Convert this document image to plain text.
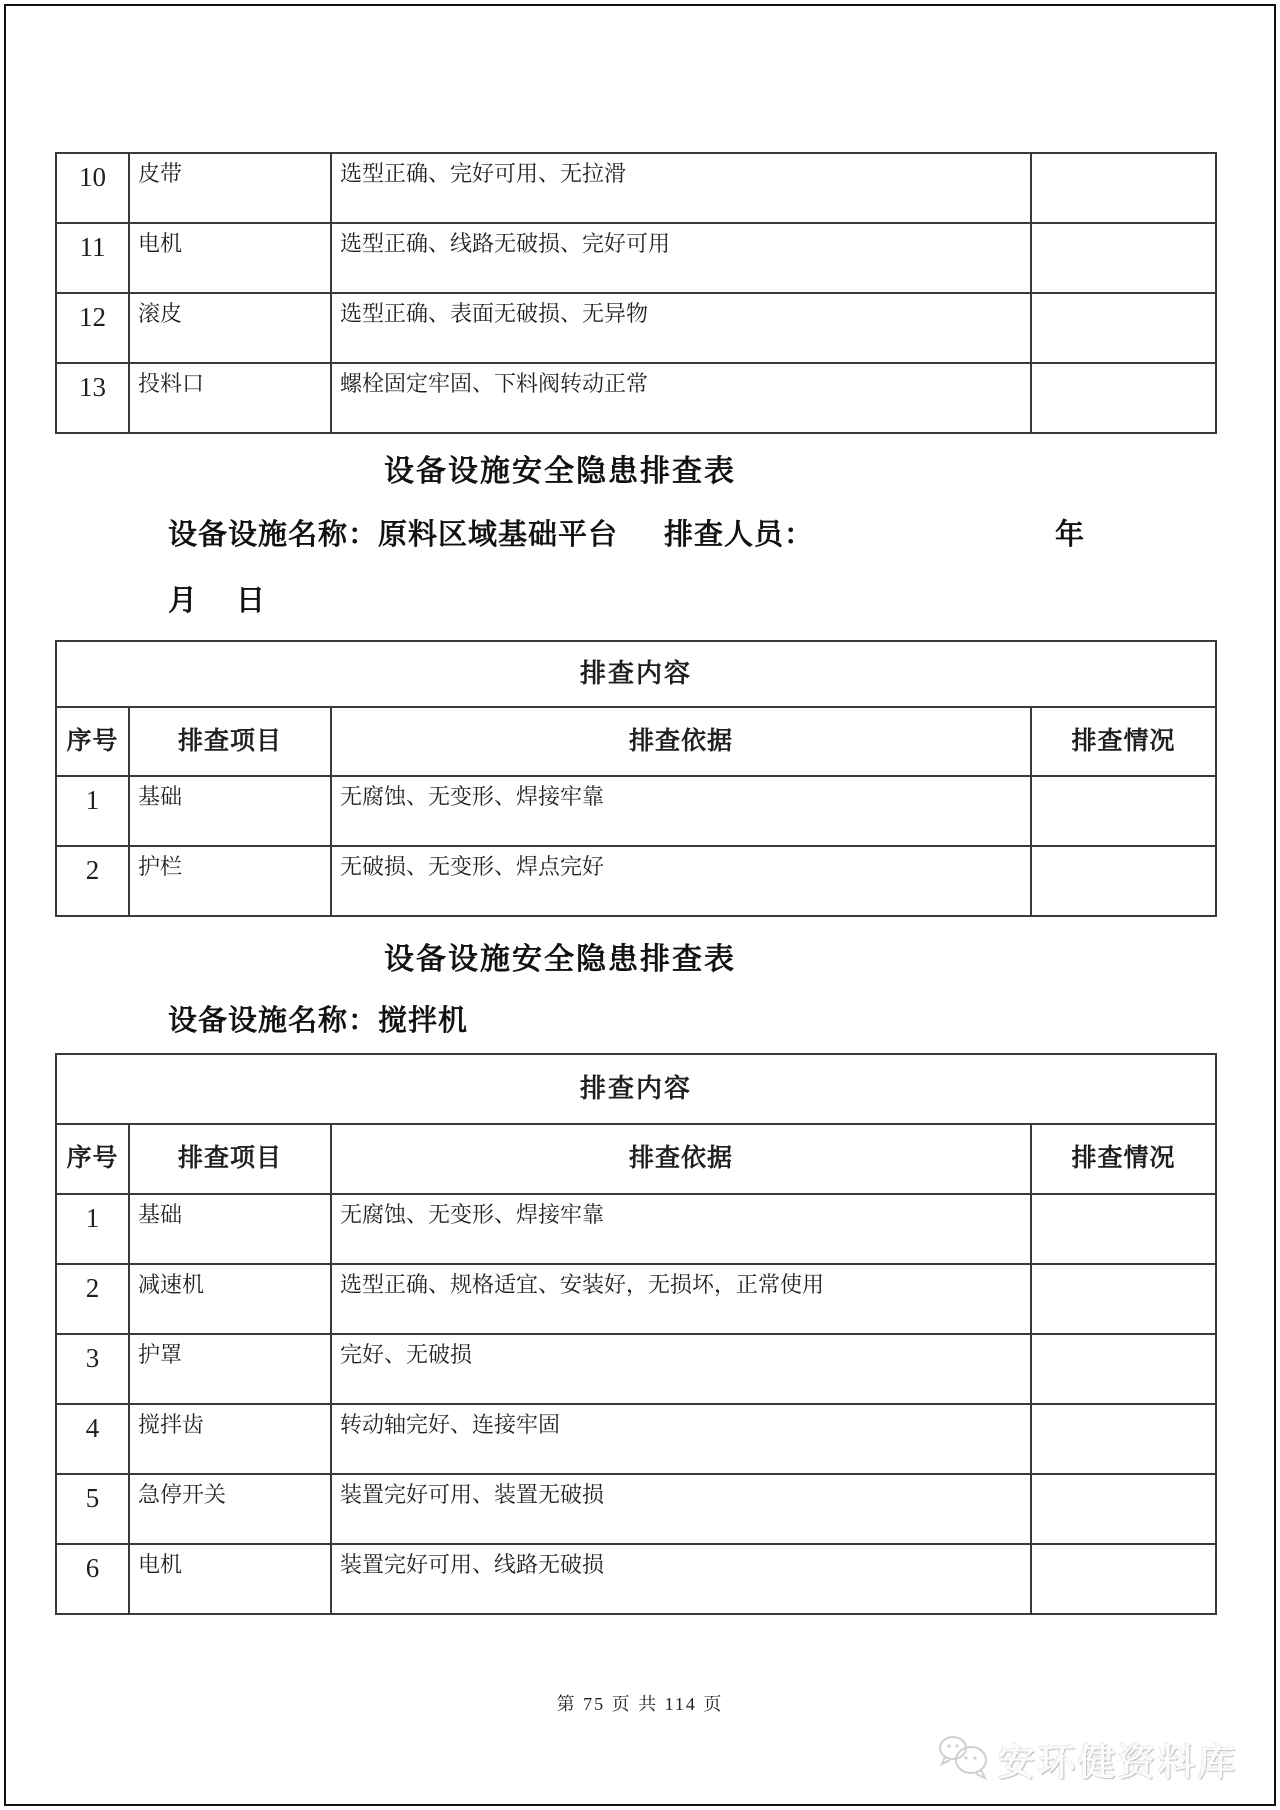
10	皮带	选型正确、完好可用、无拉滑	
11	电机	选型正确、线路无破损、完好可用	
12	滚皮	选型正确、表面无破损、无异物	
13	投料口	螺栓固定牢固、下料阀转动正常	
设备设施安全隐患排查表
设备设施名称：原料区域基础平台 排查人员：	年
月 日
排查内容			
序号	排查项目	排查依据	排查情况
1	基础	无腐蚀、无变形、焊接牢靠	
2	护栏	无破损、无变形、焊点完好	
设备设施安全隐患排查表
设备设施名称：搅拌机
排查内容			
序号	排查项目	排查依据	排查情况
1	基础	无腐蚀、无变形、焊接牢靠	
2	减速机	选型正确、规格适宜、安装好，无损坏，正常使用	
3	护罩	完好、无破损	
4	搅拌齿	转动轴完好、连接牢固	
5	急停开关	装置完好可用、装置无破损	
6	电机	装置完好可用、线路无破损	
第 75 页 共 114 页
安环健资料库
